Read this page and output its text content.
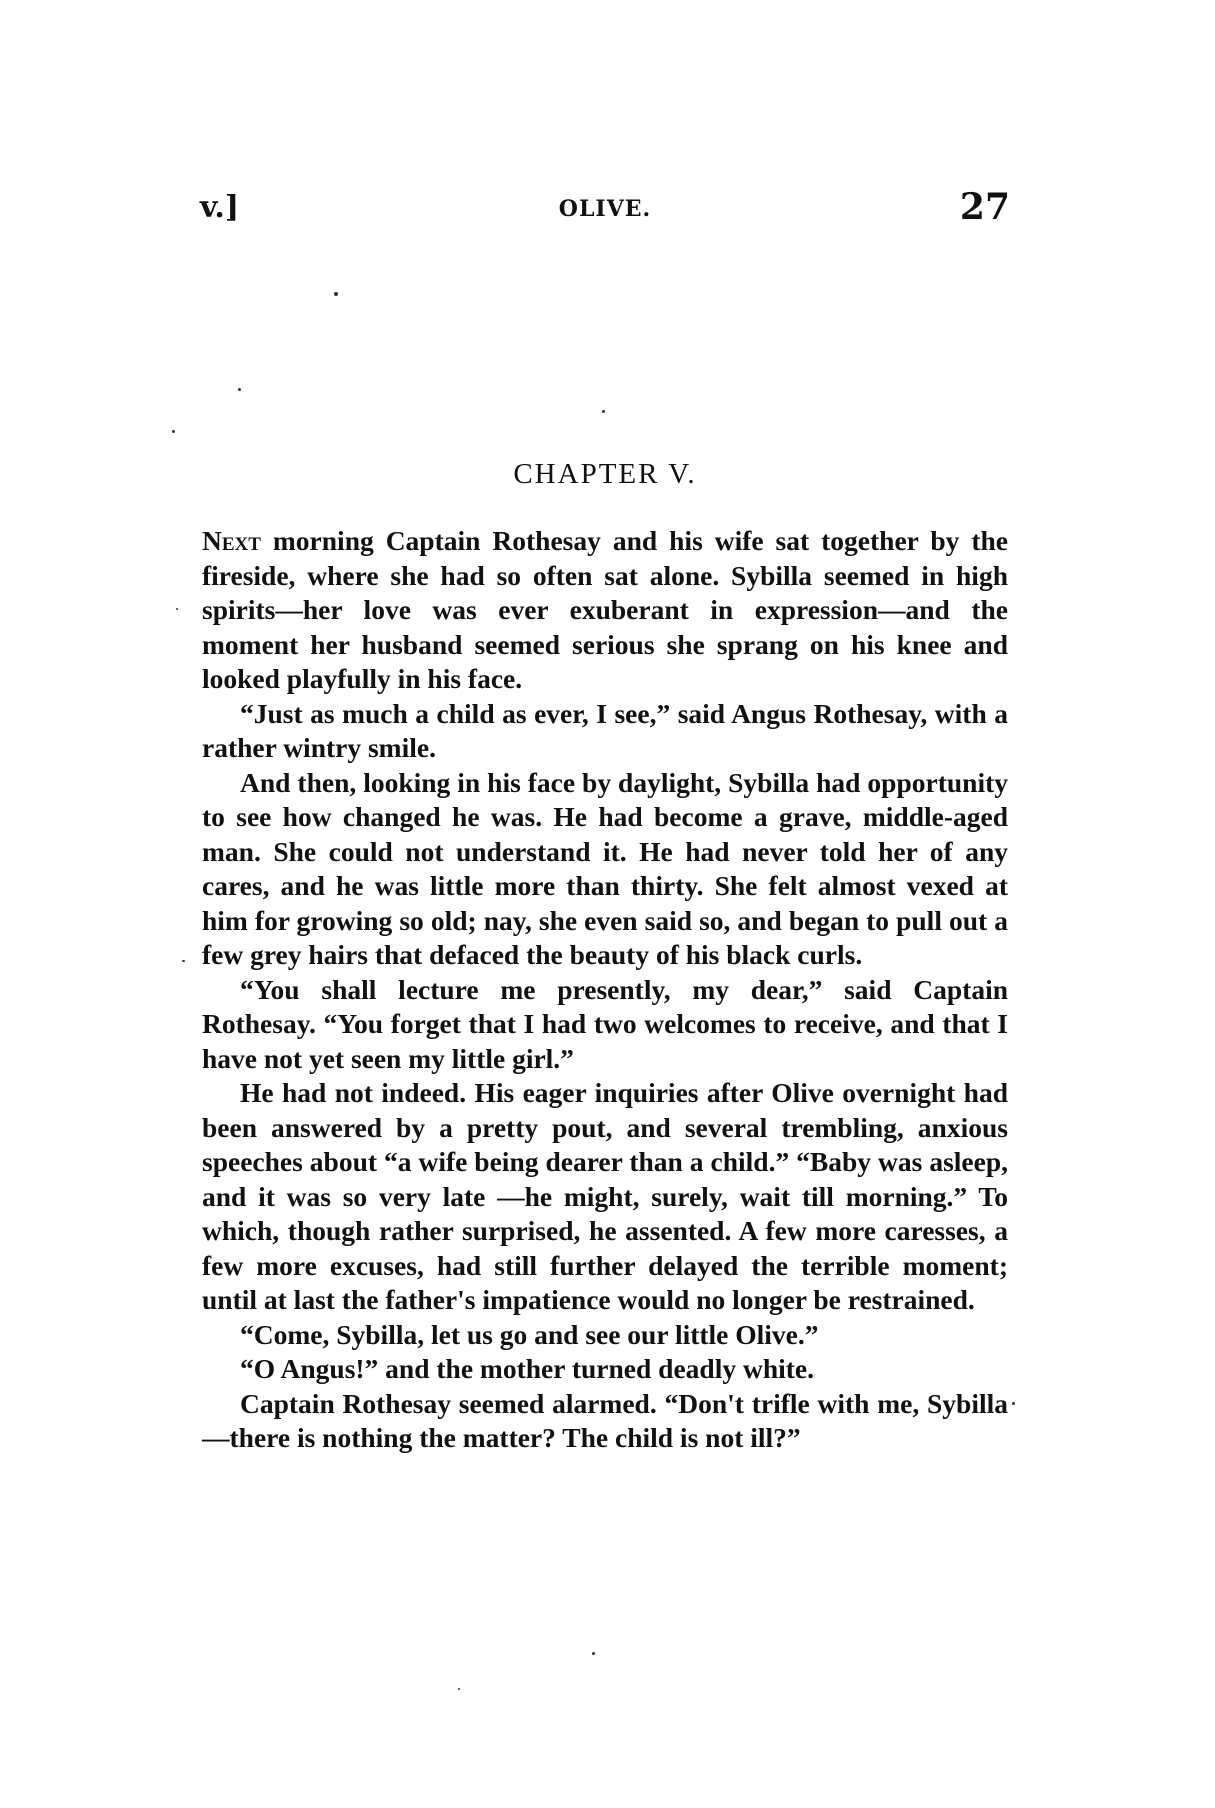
v.]	OLIVE.	27
CHAPTER V.

Next morning Captain Rothesay and his wife sat together by the fireside, where she had so often sat alone. Sybilla seemed in high spirits—her love was ever exuberant in expression—and the moment her husband seemed serious she sprang on his knee and looked playfully in his face.

“Just as much a child as ever, I see,” said Angus Rothesay, with a rather wintry smile.

And then, looking in his face by daylight, Sybilla had opportunity to see how changed he was. He had become a grave, middle-aged man. She could not understand it. He had never told her of any cares, and he was little more than thirty. She felt almost vexed at him for growing so old; nay, she even said so, and began to pull out a few grey hairs that defaced the beauty of his black curls.

“You shall lecture me presently, my dear,” said Captain Rothesay. “You forget that I had two welcomes to receive, and that I have not yet seen my little girl.”

He had not indeed. His eager inquiries after Olive overnight had been answered by a pretty pout, and several trembling, anxious speeches about “a wife being dearer than a child.” “Baby was asleep, and it was so very late —he might, surely, wait till morning.” To which, though rather surprised, he assented. A few more caresses, a few more excuses, had still further delayed the terrible moment; until at last the father's impatience would no longer be restrained.

“Come, Sybilla, let us go and see our little Olive.”

“O Angus!” and the mother turned deadly white.

Captain Rothesay seemed alarmed. “Don't trifle with me, Sybilla—there is nothing the matter? The child is not ill?”
